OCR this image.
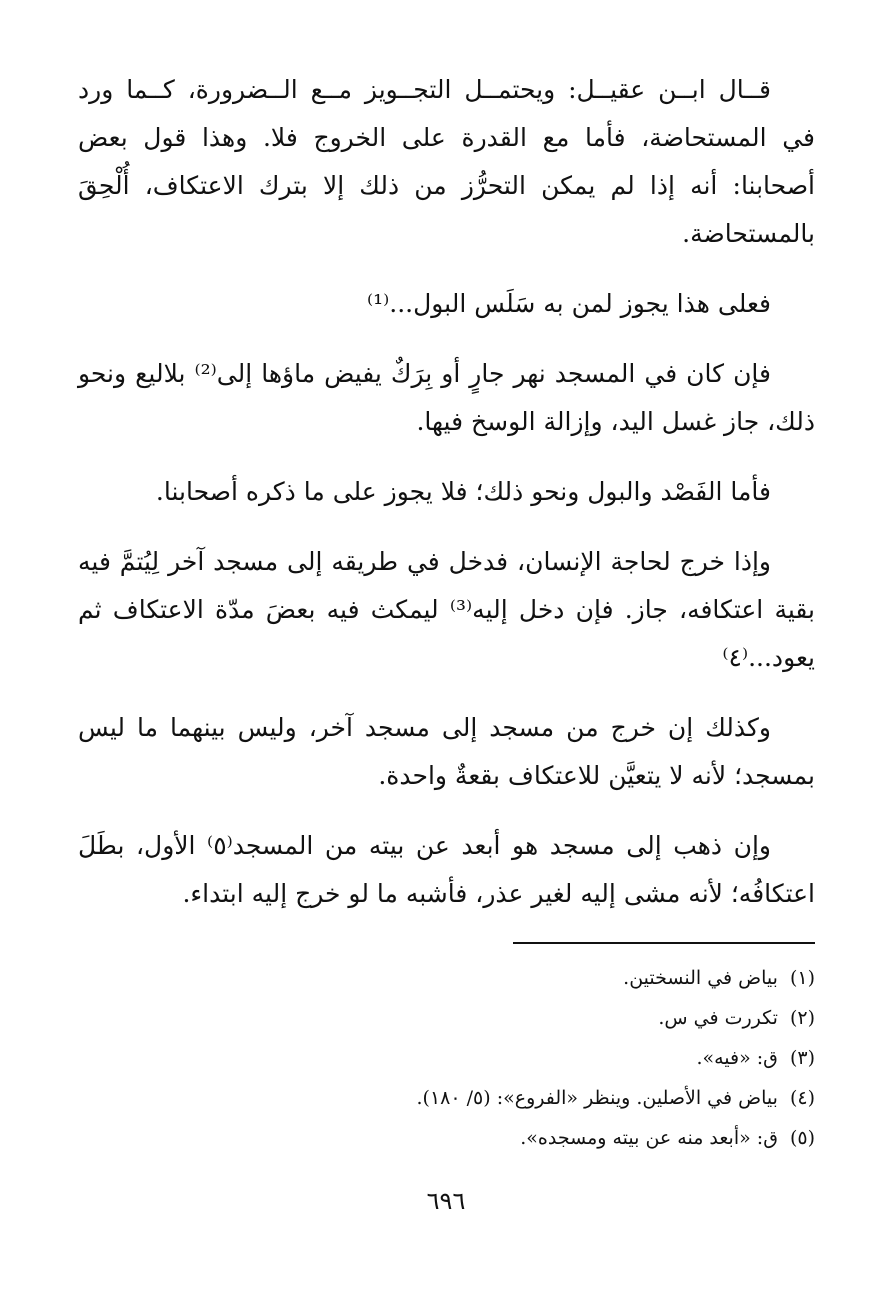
قــال ابــن عقيــل: ويحتمــل التجــويز مــع الــضرورة، كــما ورد في المستحاضة، فأما مع القدرة على الخروج فلا. وهذا قول بعض أصحابنا: أنه إذا لم يمكن التحرُّز من ذلك إلا بترك الاعتكاف، أُلْحِقَ بالمستحاضة.

فعلى هذا يجوز لمن به سَلَس البول...⁽¹⁾

فإن كان في المسجد نهر جارٍ أو بِرَكٌ يفيض ماؤها إلى⁽²⁾ بلاليع ونحو ذلك، جاز غسل اليد، وإزالة الوسخ فيها.

فأما الفَصْد والبول ونحو ذلك؛ فلا يجوز على ما ذكره أصحابنا.

وإذا خرج لحاجة الإنسان، فدخل في طريقه إلى مسجد آخر لِيُتمَّ فيه بقية اعتكافه، جاز. فإن دخل إليه⁽³⁾ ليمكث فيه بعضَ مدّة الاعتكاف ثم يعود...⁽٤⁾

وكذلك إن خرج من مسجد إلى مسجد آخر، وليس بينهما ما ليس بمسجد؛ لأنه لا يتعيَّن للاعتكاف بقعةٌ واحدة.

وإن ذهب إلى مسجد هو أبعد عن بيته من المسجد⁽٥⁾ الأول، بطَلَ اعتكافُه؛ لأنه مشى إليه لغير عذر، فأشبه ما لو خرج إليه ابتداء.

(١)بياض في النسختين.
(٢)تكررت في س.
(٣)ق: «فيه».
(٤)بياض في الأصلين. وينظر «الفروع»: (٥/ ١٨٠).
(٥)ق: «أبعد منه عن بيته ومسجده».
٦٩٦
